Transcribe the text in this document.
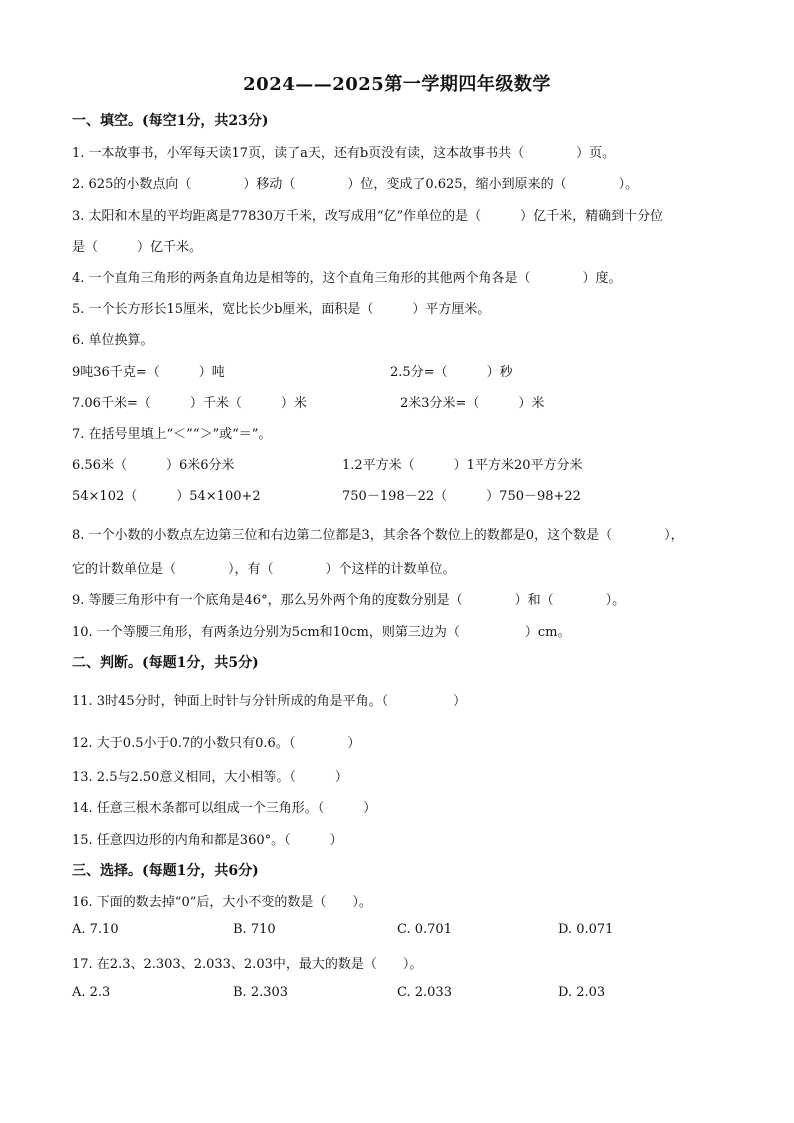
2024——2025第一学期四年级数学
一、填空。(每空1分，共23分)
1. 一本故事书，小军每天读17页，读了a天，还有b页没有读，这本故事书共（　　　　）页。
2. 625的小数点向（　　　　）移动（　　　　）位，变成了0.625，缩小到原来的（　　　　）。
3. 太阳和木星的平均距离是77830万千米，改写成用“亿”作单位的是（　　　）亿千米，精确到十分位
是（　　　）亿千米。
4. 一个直角三角形的两条直角边是相等的，这个直角三角形的其他两个角各是（　　　　）度。
5. 一个长方形长15厘米，宽比长少b厘米，面积是（　　　）平方厘米。
6. 单位换算。
9吨36千克=（　　　）吨	2.5分=（　　　）秒
7.06千米=（　　　）千米（　　　）米	2米3分米=（　　　）米
7. 在括号里填上“＜”“＞”或“＝”。
6.56米（　　　）6米6分米	1.2平方米（　　　）1平方米20平方分米
54×102（　　　）54×100+2	750－198－22（　　　）750－98+22
8. 一个小数的小数点左边第三位和右边第二位都是3，其余各个数位上的数都是0，这个数是（　　　　），
它的计数单位是（　　　　），有（　　　　）个这样的计数单位。
9. 等腰三角形中有一个底角是46°，那么另外两个角的度数分别是（　　　　）和（　　　　）。
10. 一个等腰三角形，有两条边分别为5cm和10cm，则第三边为（　　　　　）cm。
二、判断。(每题1分，共5分)
11. 3时45分时，钟面上时针与分针所成的角是平角。（　　　　　）
12. 大于0.5小于0.7的小数只有0.6。（　　　　）
13. 2.5与2.50意义相同，大小相等。（　　　）
14. 任意三根木条都可以组成一个三角形。（　　　）
15. 任意四边形的内角和都是360°。（　　　）
三、选择。(每题1分，共6分)
16. 下面的数去掉“0”后，大小不变的数是（　　）。
A. 7.10	B. 710	C. 0.701	D. 0.071
17. 在2.3、2.303、2.033、2.03中，最大的数是（　　）。
A. 2.3	B. 2.303	C. 2.033	D. 2.03
